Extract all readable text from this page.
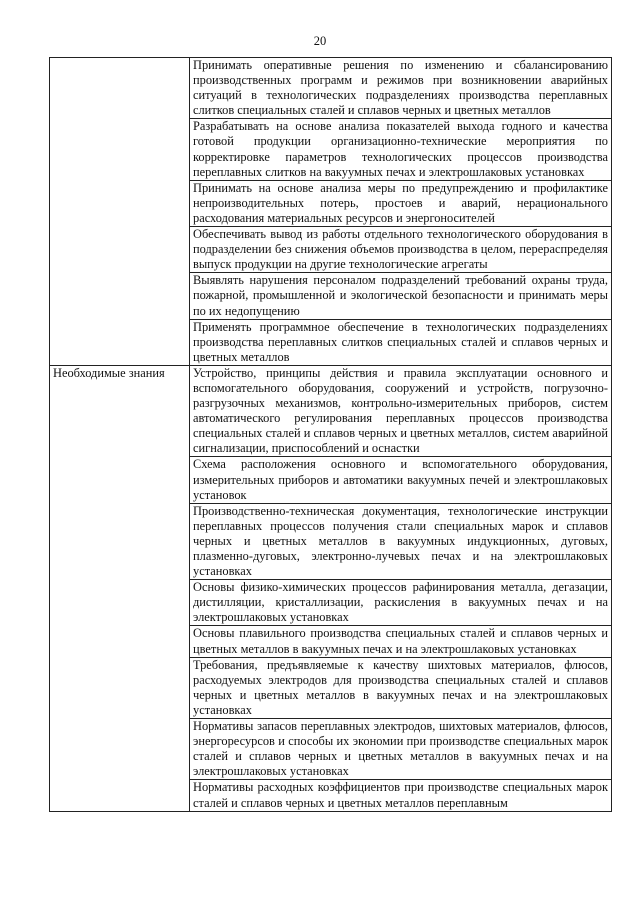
20
	Принимать оперативные решения по изменению и сбалансированию производственных программ и режимов при возникновении аварийных ситуаций в технологических подразделениях производства переплавных слитков специальных сталей и сплавов черных и цветных металлов
	Разрабатывать на основе анализа показателей выхода годного и качества готовой продукции организационно-технические мероприятия по корректировке параметров технологических процессов производства переплавных слитков на вакуумных печах и электрошлаковых установках
	Принимать на основе анализа меры по предупреждению и профилактике непроизводительных потерь, простоев и аварий, нерационального расходования материальных ресурсов и энергоносителей
	Обеспечивать вывод из работы отдельного технологического оборудования в подразделении без снижения объемов производства в целом, перераспределяя выпуск продукции на другие технологические агрегаты
	Выявлять нарушения персоналом подразделений требований охраны труда, пожарной, промышленной и экологической безопасности и принимать меры по их недопущению
	Применять программное обеспечение в технологических подразделениях производства переплавных слитков специальных сталей и сплавов черных и цветных металлов
Необходимые знания	Устройство, принципы действия и правила эксплуатации основного и вспомогательного оборудования, сооружений и устройств, погрузочно-разгрузочных механизмов, контрольно-измерительных приборов, систем автоматического регулирования переплавных процессов производства специальных сталей и сплавов черных и цветных металлов, систем аварийной сигнализации, приспособлений и оснастки
	Схема расположения основного и вспомогательного оборудования, измерительных приборов и автоматики вакуумных печей и электрошлаковых установок
	Производственно-техническая документация, технологические инструкции переплавных процессов получения стали специальных марок и сплавов черных и цветных металлов в вакуумных индукционных, дуговых, плазменно-дуговых, электронно-лучевых печах и на электрошлаковых установках
	Основы физико-химических процессов рафинирования металла, дегазации, дистилляции, кристаллизации, раскисления в вакуумных печах и на электрошлаковых установках
	Основы плавильного производства специальных сталей и сплавов черных и цветных металлов в вакуумных печах и на электрошлаковых установках
	Требования, предъявляемые к качеству шихтовых материалов, флюсов, расходуемых электродов для производства специальных сталей и сплавов черных и цветных металлов в вакуумных печах и на электрошлаковых установках
	Нормативы запасов переплавных электродов, шихтовых материалов, флюсов, энергоресурсов и способы их экономии при производстве специальных марок сталей и сплавов черных и цветных металлов в вакуумных печах и на электрошлаковых установках
	Нормативы расходных коэффициентов при производстве специальных марок сталей и сплавов черных и цветных металлов переплавным
